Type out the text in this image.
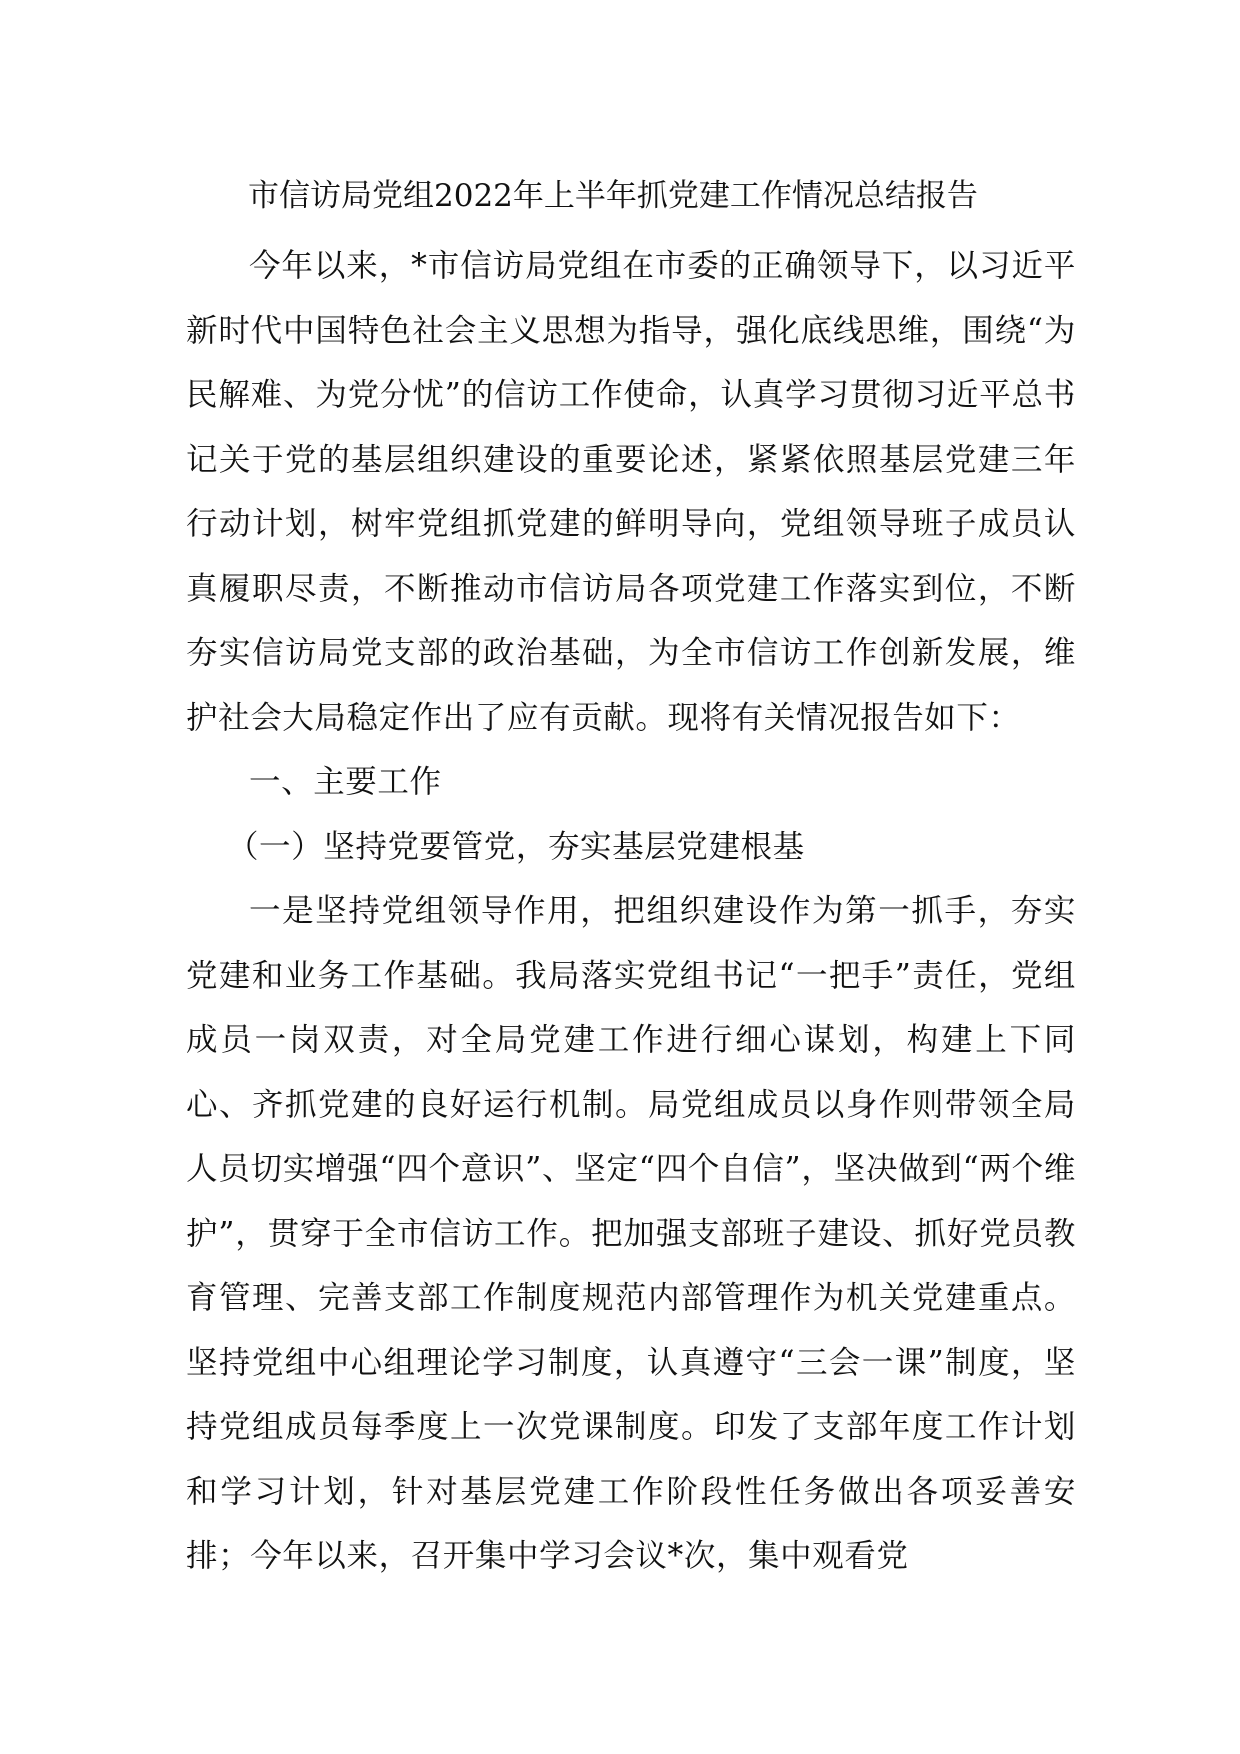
市信访局党组2022年上半年抓党建工作情况总结报告

今年以来，*市信访局党组在市委的正确领导下，以习近平新时代中国特色社会主义思想为指导，强化底线思维，围绕“为民解难、为党分忧”的信访工作使命，认真学习贯彻习近平总书记关于党的基层组织建设的重要论述，紧紧依照基层党建三年行动计划，树牢党组抓党建的鲜明导向，党组领导班子成员认真履职尽责，不断推动市信访局各项党建工作落实到位，不断夯实信访局党支部的政治基础，为全市信访工作创新发展，维护社会大局稳定作出了应有贡献。现将有关情况报告如下：

一、主要工作

（一）坚持党要管党，夯实基层党建根基

一是坚持党组领导作用，把组织建设作为第一抓手，夯实党建和业务工作基础。我局落实党组书记“一把手”责任，党组成员一岗双责，对全局党建工作进行细心谋划，构建上下同心、齐抓党建的良好运行机制。局党组成员以身作则带领全局人员切实增强“四个意识”、坚定“四个自信”，坚决做到“两个维护”，贯穿于全市信访工作。把加强支部班子建设、抓好党员教育管理、完善支部工作制度规范内部管理作为机关党建重点。坚持党组中心组理论学习制度，认真遵守“三会一课”制度，坚持党组成员每季度上一次党课制度。印发了支部年度工作计划和学习计划，针对基层党建工作阶段性任务做出各项妥善安排；今年以来，召开集中学习会议*次，集中观看党
